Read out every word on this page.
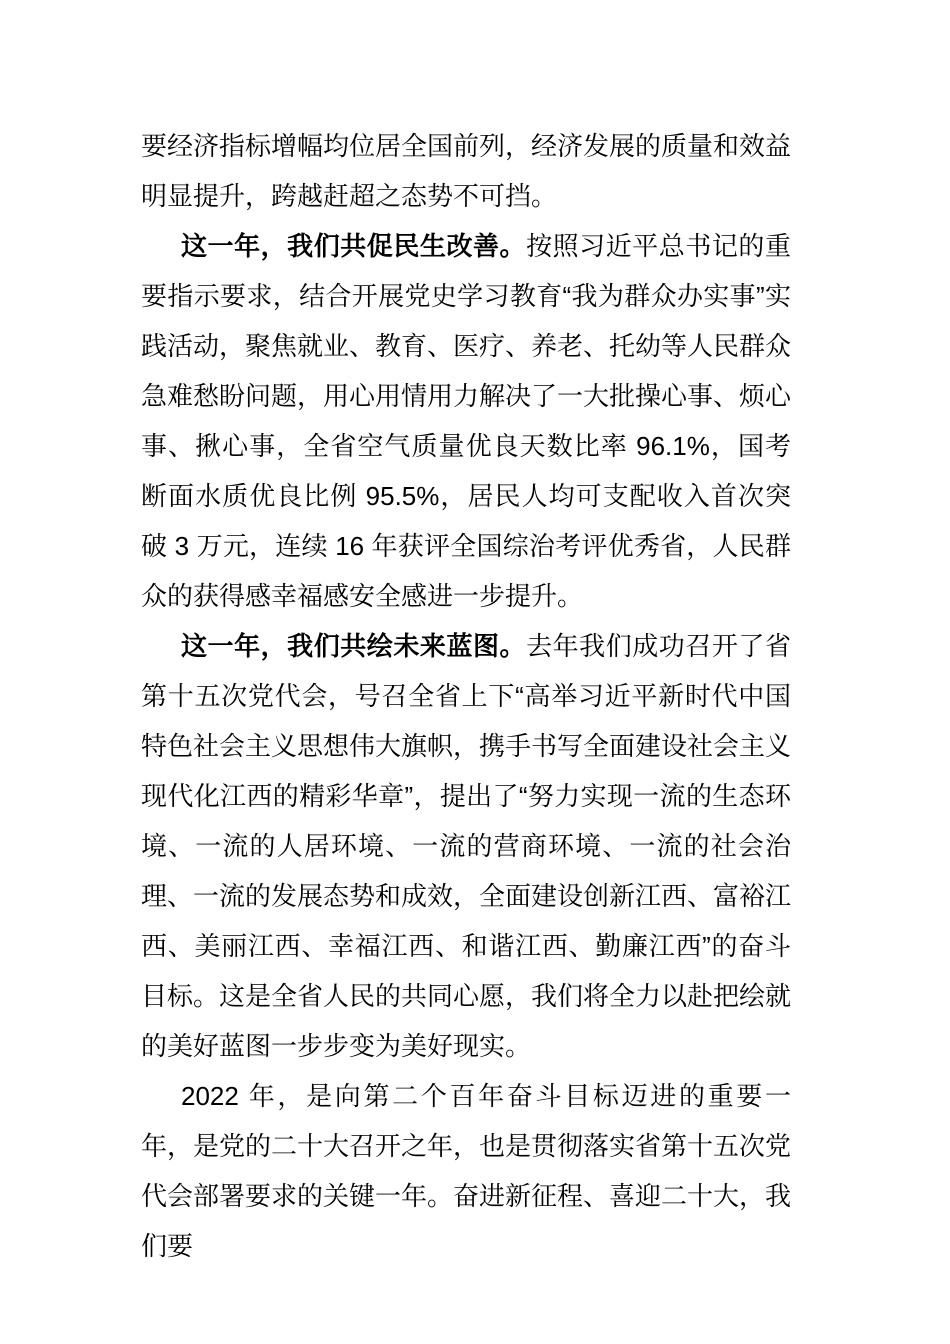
要经济指标增幅均位居全国前列，经济发展的质量和效益明显提升，跨越赶超之态势不可挡。

这一年，我们共促民生改善。按照习近平总书记的重要指示要求，结合开展党史学习教育“我为群众办实事”实践活动，聚焦就业、教育、医疗、养老、托幼等人民群众急难愁盼问题，用心用情用力解决了一大批操心事、烦心事、揪心事，全省空气质量优良天数比率 96.1%，国考断面水质优良比例 95.5%，居民人均可支配收入首次突破 3 万元，连续 16 年获评全国综治考评优秀省，人民群众的获得感幸福感安全感进一步提升。

这一年，我们共绘未来蓝图。去年我们成功召开了省第十五次党代会，号召全省上下“高举习近平新时代中国特色社会主义思想伟大旗帜，携手书写全面建设社会主义现代化江西的精彩华章”，提出了“努力实现一流的生态环境、一流的人居环境、一流的营商环境、一流的社会治理、一流的发展态势和成效，全面建设创新江西、富裕江西、美丽江西、幸福江西、和谐江西、勤廉江西”的奋斗目标。这是全省人民的共同心愿，我们将全力以赴把绘就的美好蓝图一步步变为美好现实。

2022 年，是向第二个百年奋斗目标迈进的重要一年，是党的二十大召开之年，也是贯彻落实省第十五次党代会部署要求的关键一年。奋进新征程、喜迎二十大，我们要
